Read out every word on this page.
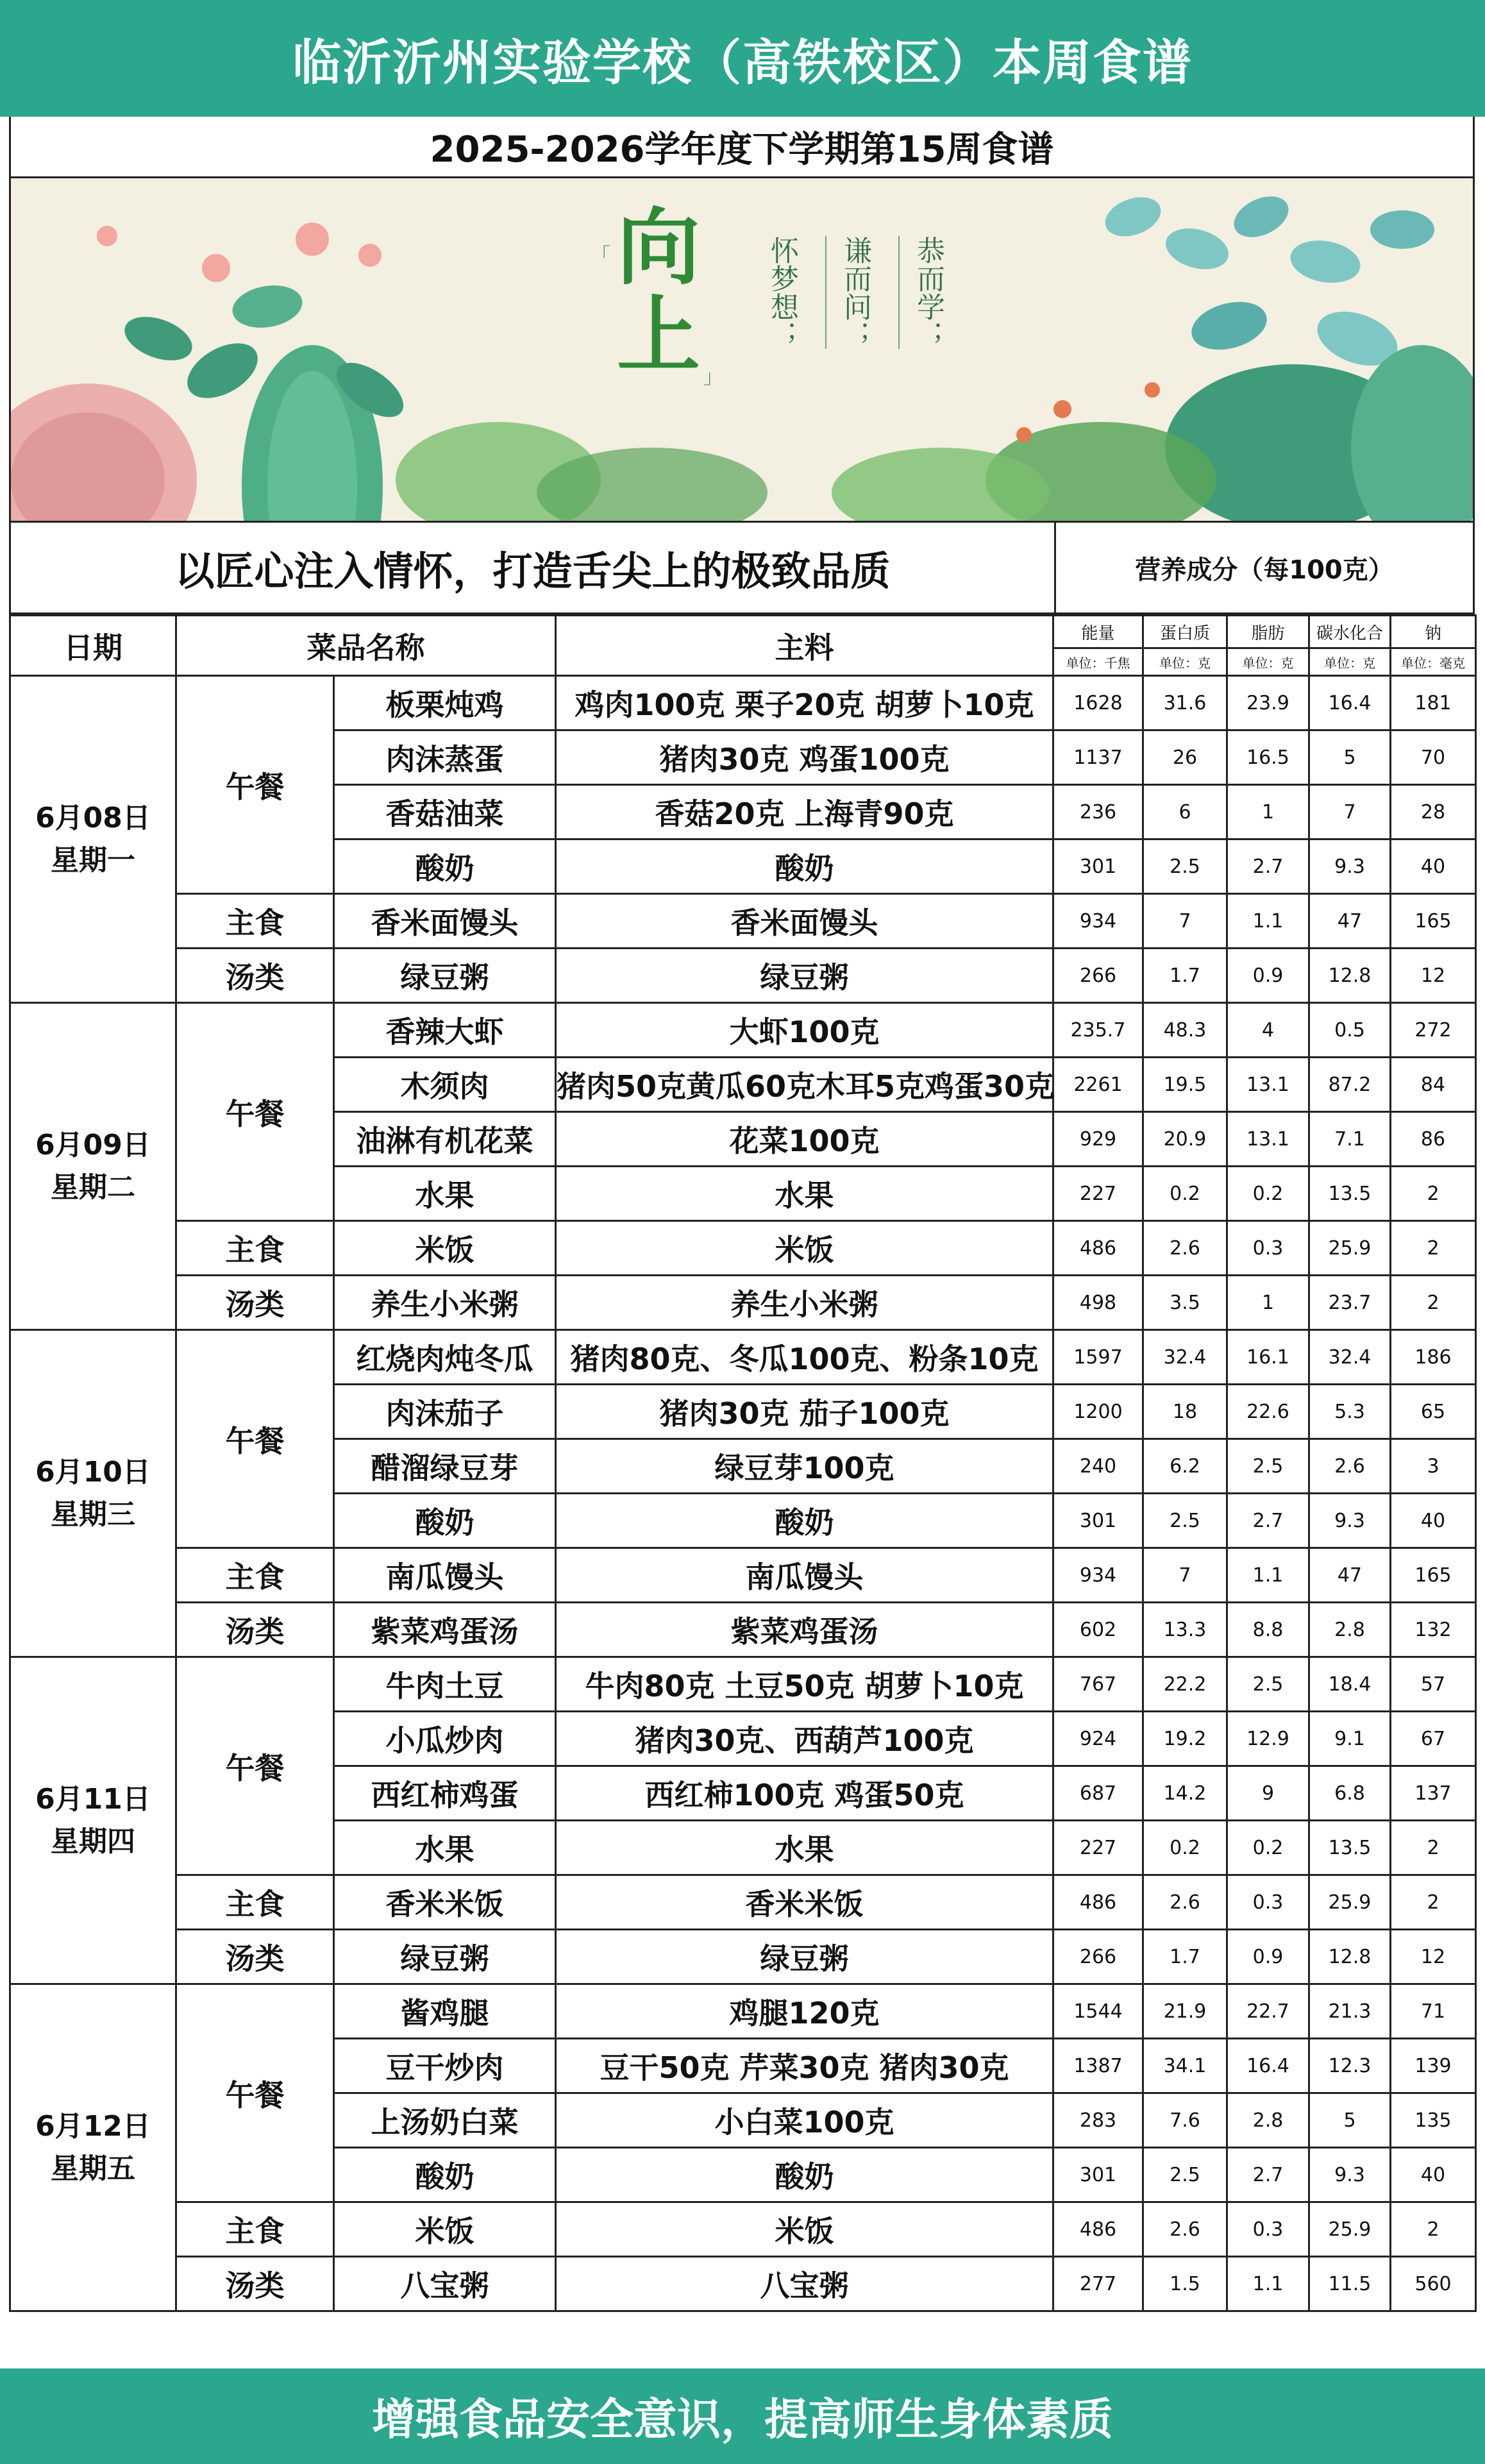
临沂沂州实验学校（高铁校区）本周食谱
2025-2026学年度下学期第15周食谱
「
」
向
上	恭而学；
谦而问；
怀梦想；
以匠心注入情怀，打造舌尖上的极致品质	营养成分（每100克）
日期	菜品名称		主料	能量	蛋白质	脂肪	碳水化合	钠
				单位：千焦	单位：克	单位：克	单位：克	单位：毫克

6月08日
星期一	午餐	板栗炖鸡	鸡肉100克 栗子20克 胡萝卜10克	1628	31.6	23.9	16.4	181
		肉沫蒸蛋	猪肉30克 鸡蛋100克	1137	26	16.5	5	70
		香菇油菜	香菇20克 上海青90克	236	6	1	7	28
		酸奶	酸奶	301	2.5	2.7	9.3	40
	主食	香米面馒头	香米面馒头	934	7	1.1	47	165
	汤类	绿豆粥	绿豆粥	266	1.7	0.9	12.8	12

6月09日
星期二	午餐	香辣大虾	大虾100克	235.7	48.3	4	0.5	272
		木须肉	猪肉50克黄瓜60克木耳5克鸡蛋30克	2261	19.5	13.1	87.2	84
		油淋有机花菜	花菜100克	929	20.9	13.1	7.1	86
		水果	水果	227	0.2	0.2	13.5	2
	主食	米饭	米饭	486	2.6	0.3	25.9	2
	汤类	养生小米粥	养生小米粥	498	3.5	1	23.7	2

6月10日
星期三	午餐	红烧肉炖冬瓜	猪肉80克、冬瓜100克、粉条10克	1597	32.4	16.1	32.4	186
		肉沫茄子	猪肉30克 茄子100克	1200	18	22.6	5.3	65
		醋溜绿豆芽	绿豆芽100克	240	6.2	2.5	2.6	3
		酸奶	酸奶	301	2.5	2.7	9.3	40
	主食	南瓜馒头	南瓜馒头	934	7	1.1	47	165
	汤类	紫菜鸡蛋汤	紫菜鸡蛋汤	602	13.3	8.8	2.8	132

6月11日
星期四	午餐	牛肉土豆	牛肉80克 土豆50克 胡萝卜10克	767	22.2	2.5	18.4	57
		小瓜炒肉	猪肉30克、西葫芦100克	924	19.2	12.9	9.1	67
		西红柿鸡蛋	西红柿100克 鸡蛋50克	687	14.2	9	6.8	137
		水果	水果	227	0.2	0.2	13.5	2
	主食	香米米饭	香米米饭	486	2.6	0.3	25.9	2
	汤类	绿豆粥	绿豆粥	266	1.7	0.9	12.8	12

6月12日
星期五	午餐	酱鸡腿	鸡腿120克	1544	21.9	22.7	21.3	71
		豆干炒肉	豆干50克 芹菜30克 猪肉30克	1387	34.1	16.4	12.3	139
		上汤奶白菜	小白菜100克	283	7.6	2.8	5	135
		酸奶	酸奶	301	2.5	2.7	9.3	40
	主食	米饭	米饭	486	2.6	0.3	25.9	2
	汤类	八宝粥	八宝粥	277	1.5	1.1	11.5	560
增强食品安全意识，提高师生身体素质
